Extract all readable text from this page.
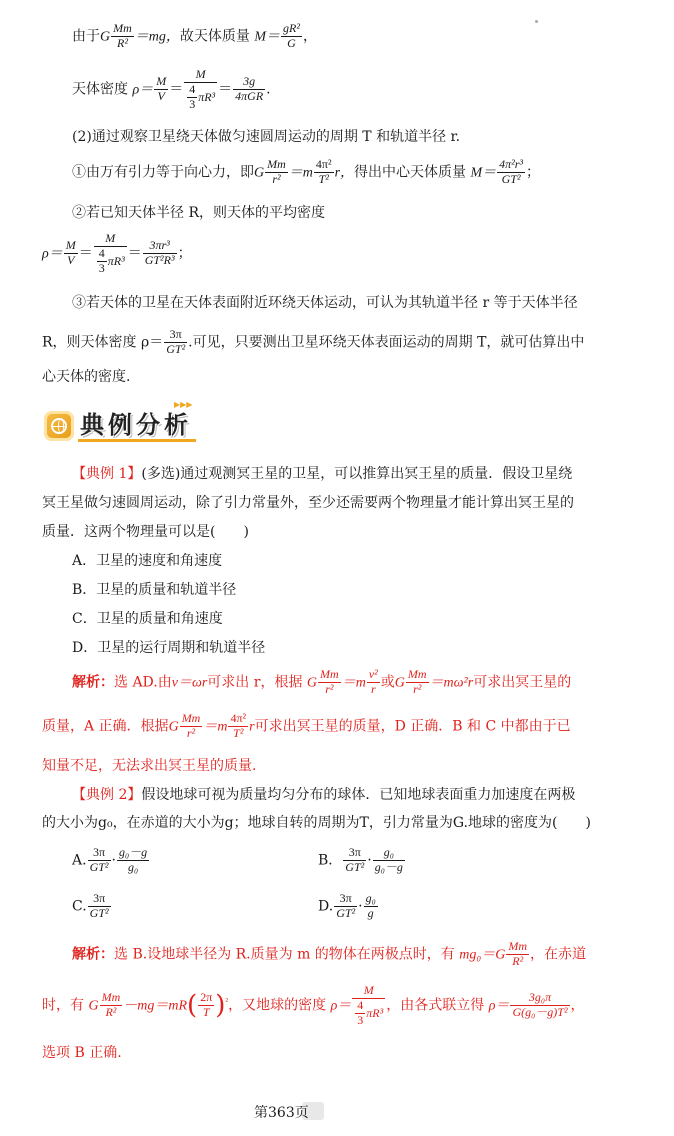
由于G $\frac{Mm}{\text{R²}} =mg$，故天体质量 $M= \frac{\text{gR²}}{G}$ ，
天体密度 $\rho= \frac{M}{V} = \frac{M}{\frac{4}{3} \pi R^3}$ ＝
3g
4πGR .
(2)通过观察卫星绕天体做匀速圆周运动的周期 T 和轨道半径 r.
①由万有引力等于向心力，即G $\frac{Mm}{\text{r²}} =m \frac{\text{4π²}}{\text{T²}}$ r，得出中心天体质量 $M= \frac{\text{4π²r³}}{\text{GT²}}$ ；
②若已知天体半径 R，则天体的平均密度
$\rho= \frac{M}{V} = \frac{M}{\frac{4}{3} \pi R^3} = \frac{\text{3πr³}}{\text{GT²R³}}$ ；
③若天体的卫星在天体表面附近环绕天体运动，可认为其轨道半径 r 等于天体半径
R，则天体密度 $\rho= \frac{3\pi}{\text{GT²}}$ .可见，只要测出卫星环绕天体表面运动的周期 T，就可估算出中
心天体的密度.
典例分析
▶▶▶
【典例 1】(多选)通过观测冥王星的卫星，可以推算出冥王星的质量．假设卫星绕
冥王星做匀速圆周运动，除了引力常量外，至少还需要两个物理量才能计算出冥王星的
质量．这两个物理量可以是(　　)
A．卫星的速度和角速度
B．卫星的质量和轨道半径
C．卫星的质量和角速度
D．卫星的运行周期和轨道半径
解析：选 AD.由v＝ωr可求出 r，根据 G $\frac{Mm}{\text{r²}} =m \frac{\text{v²}}{r}$ 或G $\frac{Mm}{\text{r²}} =m\omega^2r$可求出冥王星的
质量，A 正确．根据G $\frac{Mm}{\text{r²}} =m \frac{\text{4π²}}{\text{T²}}$ r可求出冥王星的质量，D 正确．B 和 C 中都由于已
知量不足，无法求出冥王星的质量.
【典例 2】假设地球可视为质量均匀分布的球体．已知地球表面重力加速度在两极
的大小为g₀，在赤道的大小为g；地球自转的周期为T，引力常量为G.地球的密度为(　　)
A. $\frac{3\pi}{\text{GT²}} \cdot \frac{\text{g₀－g}}{\text{g₀}}$	B． $\frac{3\pi}{\text{GT²}} \cdot \frac{\text{g₀}}{\text{g₀－g}}$
C. $\frac{3\pi}{\text{GT²}}$	D. $\frac{3\pi}{\text{GT²}} \cdot \frac{\text{g₀}}{g}$
解析：选 B.设地球半径为 R.质量为 m 的物体在两极点时，有 $mg_0=G \frac{Mm}{\text{R²}}$ ，在赤道
时，有 G $\frac{Mm}{\text{R²}} -mg=mR( \frac{2\pi}{T} )^{^2}$，又地球的密度 $\rho= \frac{M}{\frac{4}{3} \pi R^3}$ ，由各式联立得 $\rho= \frac{\text{3g₀π}}{\text{G(g₀－g)T²}}$ ，
选项 B 正确.
第363页
